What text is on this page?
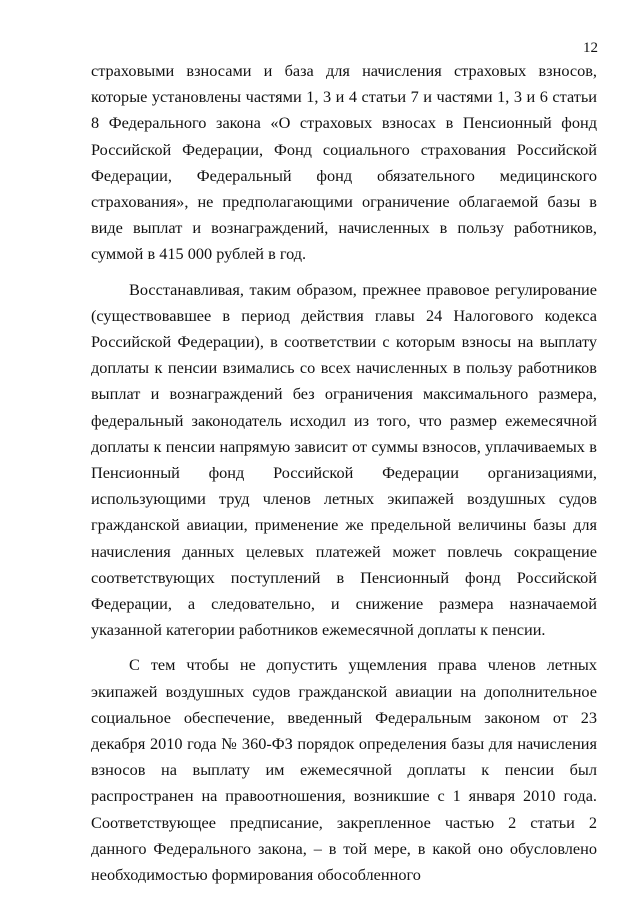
12

страховыми взносами и база для начисления страховых взносов, которые установлены частями 1, 3 и 4 статьи 7 и частями 1, 3 и 6 статьи 8 Федерального закона «О страховых взносах в Пенсионный фонд Российской Федерации, Фонд социального страхования Российской Федерации, Федеральный фонд обязательного медицинского страхования», не предполагающими ограничение облагаемой базы в виде выплат и вознаграждений, начисленных в пользу работников, суммой в 415 000 рублей в год.

Восстанавливая, таким образом, прежнее правовое регулирование (существовавшее в период действия главы 24 Налогового кодекса Российской Федерации), в соответствии с которым взносы на выплату доплаты к пенсии взимались со всех начисленных в пользу работников выплат и вознаграждений без ограничения максимального размера, федеральный законодатель исходил из того, что размер ежемесячной доплаты к пенсии напрямую зависит от суммы взносов, уплачиваемых в Пенсионный фонд Российской Федерации организациями, использующими труд членов летных экипажей воздушных судов гражданской авиации, применение же предельной величины базы для начисления данных целевых платежей может повлечь сокращение соответствующих поступлений в Пенсионный фонд Российской Федерации, а следовательно, и снижение размера назначаемой указанной категории работников ежемесячной доплаты к пенсии.

С тем чтобы не допустить ущемления права членов летных экипажей воздушных судов гражданской авиации на дополнительное социальное обеспечение, введенный Федеральным законом от 23 декабря 2010 года № 360-ФЗ порядок определения базы для начисления взносов на выплату им ежемесячной доплаты к пенсии был распространен на правоотношения, возникшие с 1 января 2010 года. Соответствующее предписание, закрепленное частью 2 статьи 2 данного Федерального закона, – в той мере, в какой оно обусловлено необходимостью формирования обособленного
